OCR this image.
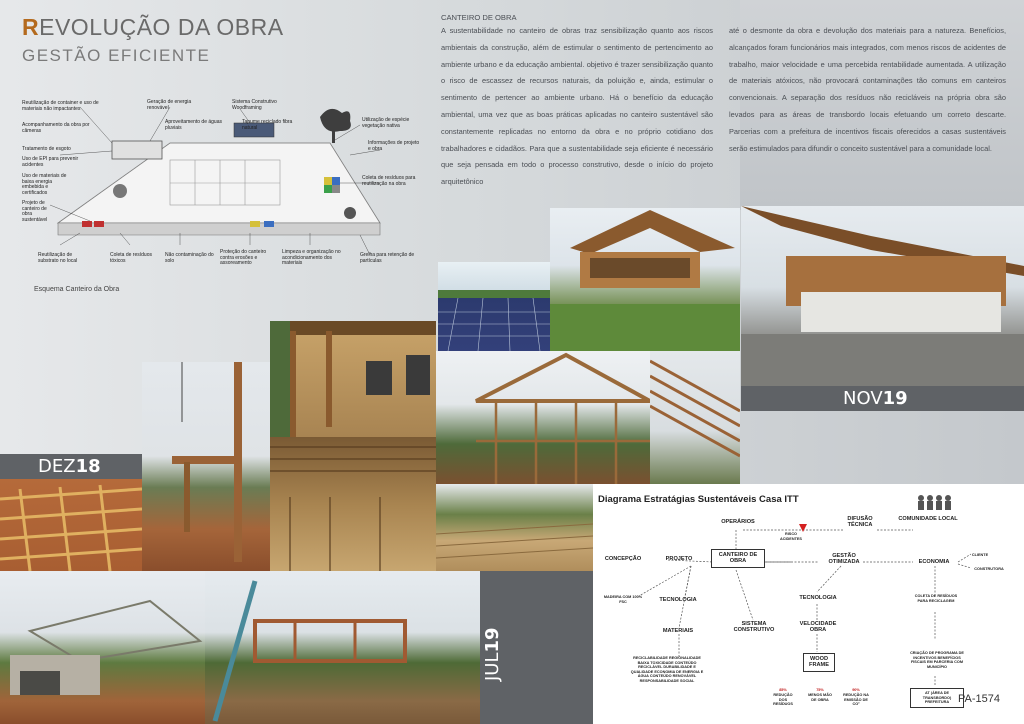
REVOLUÇÃO DA OBRA
GESTÃO EFICIENTE
Reutilização de container e uso de materiais não impactantes
Geração de energia renovável
Sistema Construtivo Woodframing
Acompanhamento da obra por câmeras
Aproveitamento de águas pluviais
Tapume reciclado fibra natural
Utilização de espécie vegetação nativa
Tratamento de esgoto
Uso de EPI para prevenir acidentes
Uso de materiais de baixa energia embebida e certificados
Projeto de canteiro de obra sustentável
Informações de projeto e obra
Coleta de resíduos para reutilização na obra
Reutilização de substrato no local
Coleta de resíduos tóxicos
Não contaminação do solo
Proteção do canteiro contra erosões e assoreamento
Limpeza e organização no acondicionamento dos materiais
Grelha para retenção de partículas
Esquema Canteiro da Obra
CANTEIRO DE OBRA
A sustentabilidade no canteiro de obras traz sensibilização quanto aos riscos ambientais da construção, além de estimular o sentimento de pertencimento ao ambiente urbano e da educação ambiental. objetivo é trazer sensibilização quanto o risco de escassez de recursos naturais, da poluição e, ainda, estimular o sentimento de pertencer ao ambiente urbano. Há o benefício da educação ambiental, uma vez que as boas práticas aplicadas no canteiro sustentável são constantemente replicadas no entorno da obra e no próprio cotidiano dos trabalhadores e cidadãos. Para que a sustentabilidade seja eficiente é necessário que seja pensada em todo o processo construtivo, desde o início do projeto arquitetônico
até o desmonte da obra e devolução dos materiais para a natureza. Benefícios, alcançados foram funcionários mais integrados, com menos riscos de acidentes de trabalho, maior velocidade e uma percebida rentabilidade aumentada. A utilização de materiais atóxicos, não provocará contaminações tão comuns em canteiros convencionais. A separação dos resíduos não recicláveis na própria obra são levados para as áreas de transbordo locais efetuando um correto descarte. Parcerias com a prefeitura de incentivos fiscais oferecidos a casas sustentáveis serão estimulados para difundir o conceito sustentável para a comunidade local.
NOV19
DEZ18
JUL19
Diagrama Estratágias Sustentáveis Casa ITT
OPERÁRIOS
RISCO ACIDENTES
DIFUSÃO TÉCNICA
COMUNIDADE LOCAL
CONCEPÇÃO	PROJETO
CANTEIRO DE OBRA
GESTÃO OTIMIZADA	ECONOMIA
CLIENTE
CONSTRUTORA
MADEIRA COM 100% FSC	TECNOLOGIA	TECNOLOGIA	COLETA DE RESÍDUOS PARA RECICLAGEM
SISTEMA CONSTRUTIVO
MATERIAIS
VELOCIDADE OBRA
WOOD FRAME
CRIAÇÃO DE PROGRAMA DE INCENTIVOS BENEFÍCIOS FISCAIS EM PARCERIA COM MUNICÍPIO
RECICLABILIDADE REGIONALIDADE BAIXA TOXICIDADE CONTEÚDO RECICLÁVEL DURABILIDADE E QUALIDADE ECONOMIA DE ENERGIA E ÁGUA CONTEÚDO RENOVÁVEL RESPONSABILIDADE SOCIAL
85%
REDUÇÃO DOS RESÍDUOS
75%
MENOS MÃO DE OBRA
90%
REDUÇÃO NA EMISSÃO DE CO²
AT (ÁREA DE TRANSBORDO) PREFEITURA PA-1574
